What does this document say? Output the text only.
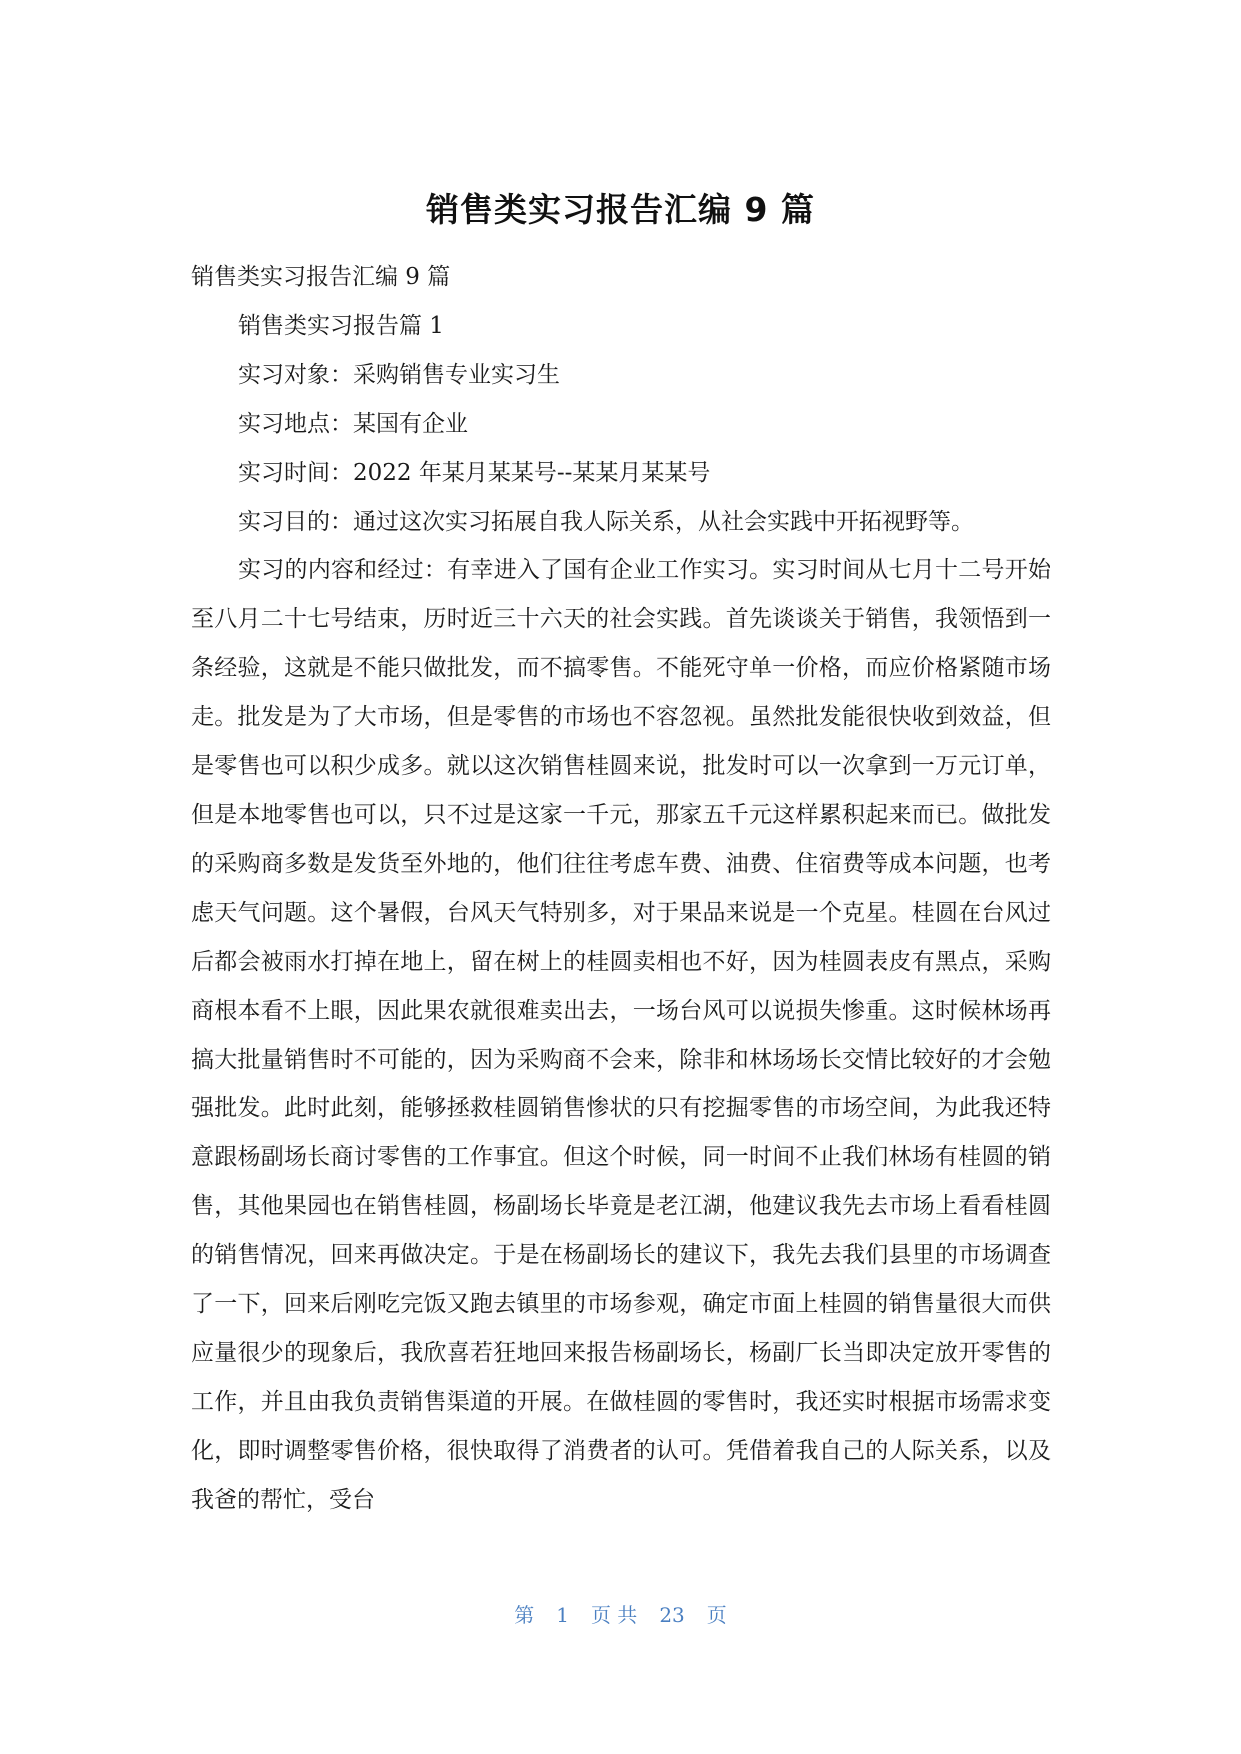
销售类实习报告汇编 9 篇

销售类实习报告汇编 9 篇

销售类实习报告篇 1

实习对象：采购销售专业实习生

实习地点：某国有企业

实习时间：2022 年某月某某号--某某月某某号

实习目的：通过这次实习拓展自我人际关系，从社会实践中开拓视野等。

实习的内容和经过：有幸进入了国有企业工作实习。实习时间从七月十二号开始至八月二十七号结束，历时近三十六天的社会实践。首先谈谈关于销售，我领悟到一条经验，这就是不能只做批发，而不搞零售。不能死守单一价格，而应价格紧随市场走。批发是为了大市场，但是零售的市场也不容忽视。虽然批发能很快收到效益，但是零售也可以积少成多。就以这次销售桂圆来说，批发时可以一次拿到一万元订单，但是本地零售也可以，只不过是这家一千元，那家五千元这样累积起来而已。做批发的采购商多数是发货至外地的，他们往往考虑车费、油费、住宿费等成本问题，也考虑天气问题。这个暑假，台风天气特别多，对于果品来说是一个克星。桂圆在台风过后都会被雨水打掉在地上，留在树上的桂圆卖相也不好，因为桂圆表皮有黑点，采购商根本看不上眼，因此果农就很难卖出去，一场台风可以说损失惨重。这时候林场再搞大批量销售时不可能的，因为采购商不会来，除非和林场场长交情比较好的才会勉强批发。此时此刻，能够拯救桂圆销售惨状的只有挖掘零售的市场空间，为此我还特意跟杨副场长商讨零售的工作事宜。但这个时候，同一时间不止我们林场有桂圆的销售，其他果园也在销售桂圆，杨副场长毕竟是老江湖，他建议我先去市场上看看桂圆的销售情况，回来再做决定。于是在杨副场长的建议下，我先去我们县里的市场调查了一下，回来后刚吃完饭又跑去镇里的市场参观，确定市面上桂圆的销售量很大而供应量很少的现象后，我欣喜若狂地回来报告杨副场长，杨副厂长当即决定放开零售的工作，并且由我负责销售渠道的开展。在做桂圆的零售时，我还实时根据市场需求变化，即时调整零售价格，很快取得了消费者的认可。凭借着我自己的人际关系，以及我爸的帮忙，受台

第 1 页 共 23 页
